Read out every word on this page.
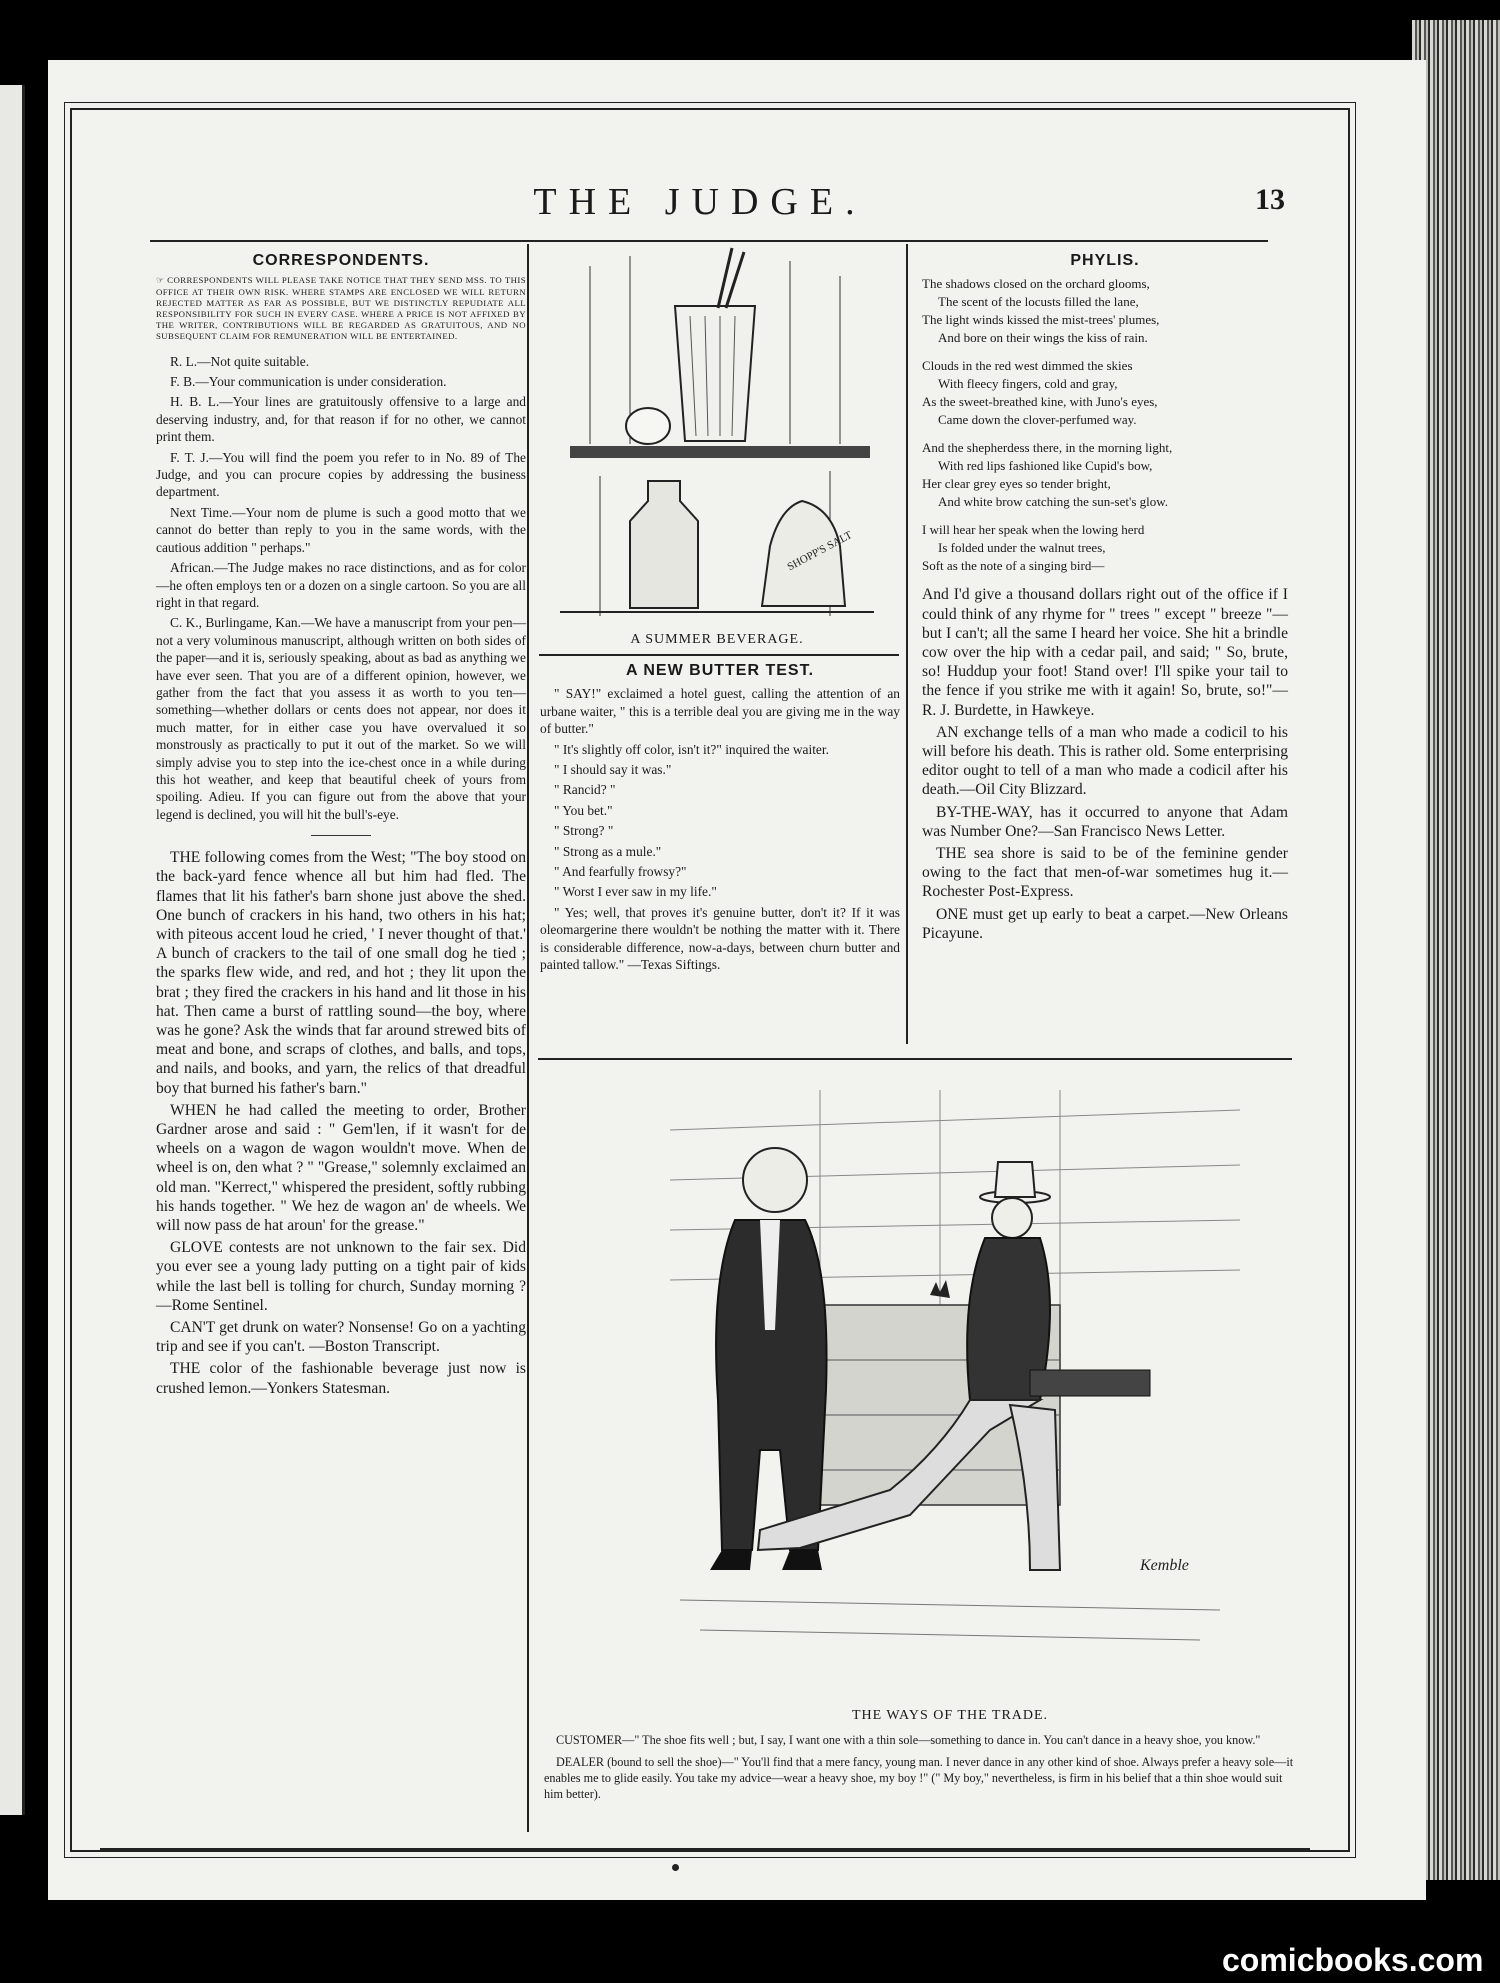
THE JUDGE.	13
CORRESPONDENTS.
☞ CORRESPONDENTS WILL PLEASE TAKE NOTICE THAT THEY SEND MSS. TO THIS OFFICE AT THEIR OWN RISK. WHERE STAMPS ARE ENCLOSED WE WILL RETURN REJECTED MATTER AS FAR AS POSSIBLE, BUT WE DISTINCTLY REPUDIATE ALL RESPONSIBILITY FOR SUCH IN EVERY CASE. WHERE A PRICE IS NOT AFFIXED BY THE WRITER, CONTRIBUTIONS WILL BE REGARDED AS GRATUITOUS, AND NO SUBSEQUENT CLAIM FOR REMUNERATION WILL BE ENTERTAINED.

R. L.—Not quite suitable.

F. B.—Your communication is under consideration.

H. B. L.—Your lines are gratuitously offensive to a large and deserving industry, and, for that reason if for no other, we cannot print them.

F. T. J.—You will find the poem you refer to in No. 89 of The Judge, and you can procure copies by addressing the business department.

Next Time.—Your nom de plume is such a good motto that we cannot do better than reply to you in the same words, with the cautious addition " perhaps."

African.—The Judge makes no race distinctions, and as for color—he often employs ten or a dozen on a single cartoon. So you are all right in that regard.

C. K., Burlingame, Kan.—We have a manuscript from your pen—not a very voluminous manuscript, although written on both sides of the paper—and it is, seriously speaking, about as bad as anything we have ever seen. That you are of a different opinion, however, we gather from the fact that you assess it as worth to you ten—something—whether dollars or cents does not appear, nor does it much matter, for in either case you have overvalued it so monstrously as practically to put it out of the market. So we will simply advise you to step into the ice-chest once in a while during this hot weather, and keep that beautiful cheek of yours from spoiling. Adieu. If you can figure out from the above that your legend is declined, you will hit the bull's-eye.

THE following comes from the West; "The boy stood on the back-yard fence whence all but him had fled. The flames that lit his father's barn shone just above the shed. One bunch of crackers in his hand, two others in his hat; with piteous accent loud he cried, ' I never thought of that.' A bunch of crackers to the tail of one small dog he tied ; the sparks flew wide, and red, and hot ; they lit upon the brat ; they fired the crackers in his hand and lit those in his hat. Then came a burst of rattling sound—the boy, where was he gone? Ask the winds that far around strewed bits of meat and bone, and scraps of clothes, and balls, and tops, and nails, and books, and yarn, the relics of that dreadful boy that burned his father's barn."

WHEN he had called the meeting to order, Brother Gardner arose and said : " Gem'len, if it wasn't for de wheels on a wagon de wagon wouldn't move. When de wheel is on, den what ? " "Grease," solemnly exclaimed an old man. "Kerrect," whispered the president, softly rubbing his hands together. " We hez de wagon an' de wheels. We will now pass de hat aroun' for the grease."

GLOVE contests are not unknown to the fair sex. Did you ever see a young lady putting on a tight pair of kids while the last bell is tolling for church, Sunday morning ? —Rome Sentinel.

CAN'T get drunk on water? Nonsense! Go on a yachting trip and see if you can't. —Boston Transcript.

THE color of the fashionable beverage just now is crushed lemon.—Yonkers Statesman.

SHOPP'S SALT
A SUMMER BEVERAGE.
A NEW BUTTER TEST.

" SAY!" exclaimed a hotel guest, calling the attention of an urbane waiter, " this is a terrible deal you are giving me in the way of butter."

" It's slightly off color, isn't it?" inquired the waiter.

" I should say it was."

" Rancid? "

" You bet."

" Strong? "

" Strong as a mule."

" And fearfully frowsy?"

" Worst I ever saw in my life."

" Yes; well, that proves it's genuine butter, don't it? If it was oleomargerine there wouldn't be nothing the matter with it. There is considerable difference, now-a-days, between churn butter and painted tallow." —Texas Siftings.

PHYLIS.
The shadows closed on the orchard glooms,
The scent of the locusts filled the lane,
The light winds kissed the mist-trees' plumes,
And bore on their wings the kiss of rain.
Clouds in the red west dimmed the skies
With fleecy fingers, cold and gray,
As the sweet-breathed kine, with Juno's eyes,
Came down the clover-perfumed way.
And the shepherdess there, in the morning light,
With red lips fashioned like Cupid's bow,
Her clear grey eyes so tender bright,
And white brow catching the sun-set's glow.
I will hear her speak when the lowing herd
Is folded under the walnut trees,
Soft as the note of a singing bird—

And I'd give a thousand dollars right out of the office if I could think of any rhyme for " trees " except " breeze "—but I can't; all the same I heard her voice. She hit a brindle cow over the hip with a cedar pail, and said; " So, brute, so! Huddup your foot! Stand over! I'll spike your tail to the fence if you strike me with it again! So, brute, so!"—R. J. Burdette, in Hawkeye.

AN exchange tells of a man who made a codicil to his will before his death. This is rather old. Some enterprising editor ought to tell of a man who made a codicil after his death.—Oil City Blizzard.

BY-THE-WAY, has it occurred to anyone that Adam was Number One?—San Francisco News Letter.

THE sea shore is said to be of the feminine gender owing to the fact that men-of-war sometimes hug it.—Rochester Post-Express.

ONE must get up early to beat a carpet.—New Orleans Picayune.

Kemble
THE WAYS OF THE TRADE.

CUSTOMER—" The shoe fits well ; but, I say, I want one with a thin sole—something to dance in. You can't dance in a heavy shoe, you know."

DEALER (bound to sell the shoe)—" You'll find that a mere fancy, young man. I never dance in any other kind of shoe. Always prefer a heavy sole—it enables me to glide easily. You take my advice—wear a heavy shoe, my boy !" (" My boy," nevertheless, is firm in his belief that a thin shoe would suit him better).

comicbooks.com
